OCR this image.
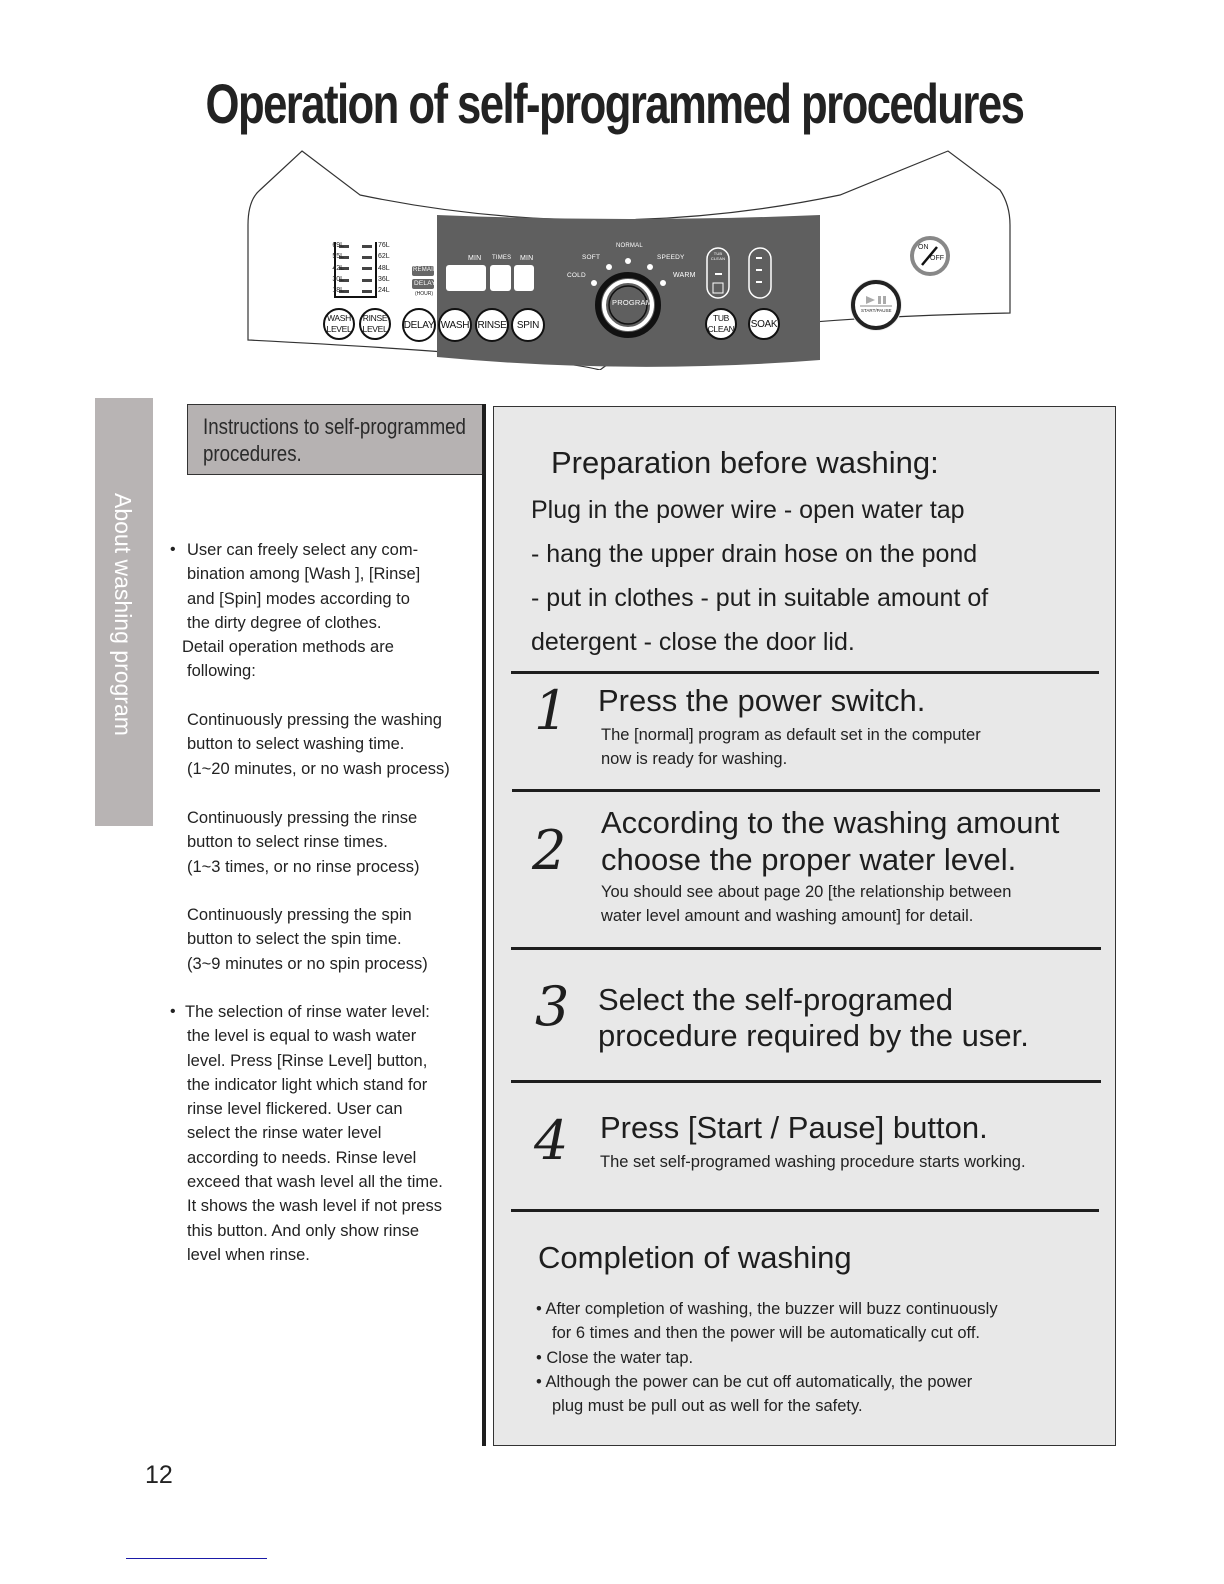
Operation of self-programmed procedures
69L
55L
42L
30L
18L
76L
62L
48L
36L
24L
REMAIN
DELAY
(HOUR)
MIN TIMES MIN
COLD
SOFT
NORMAL
SPEEDY
WARM
PROGRAM
TUB CLEAN
WASH LEVEL
RINSE LEVEL	DELAY WASH RINSE	SPIN
TUB CLEAN SOAK
ON
OFF
START/PAUSE
About washing program
Instructions to self-programmed
procedures.

• User can freely select any com-

bination among [Wash ], [Rinse]

and [Spin] modes according to

the dirty degree of clothes.

Detail operation methods are

following:

Continuously pressing the washing

button to select washing time.

(1~20 minutes, or no wash process)

Continuously pressing the rinse

button to select rinse times.

(1~3 times, or no rinse process)

Continuously pressing the spin

button to select the spin time.

(3~9 minutes or no spin process)

• The selection of rinse water level:

the level is equal to wash water

level. Press [Rinse Level] button,

the indicator light which stand for

rinse level flickered. User can

select the rinse water level

according to needs. Rinse level

exceed that wash level all the time.

It shows the wash level if not press

this button. And only show rinse

level when rinse.

Preparation before washing:
Plug in the power wire - open water tap
- hang the upper drain hose on the pond
- put in clothes - put in suitable amount of
detergent - close the door lid.
1 Press the power switch.
The [normal] program as default set in the computer
now is ready for washing.
2 According to the washing amount
choose the proper water level.
You should see about page 20 [the relationship between
water level amount and washing amount] for detail.
3 Select the self-programed
procedure required by the user.
4 Press [Start / Pause] button.
The set self-programed washing procedure starts working.
Completion of washing
• After completion of washing, the buzzer will buzz continuously
for 6 times and then the power will be automatically cut off.
• Close the water tap.
• Although the power can be cut off automatically, the power
plug must be pull out as well for the safety.
12
